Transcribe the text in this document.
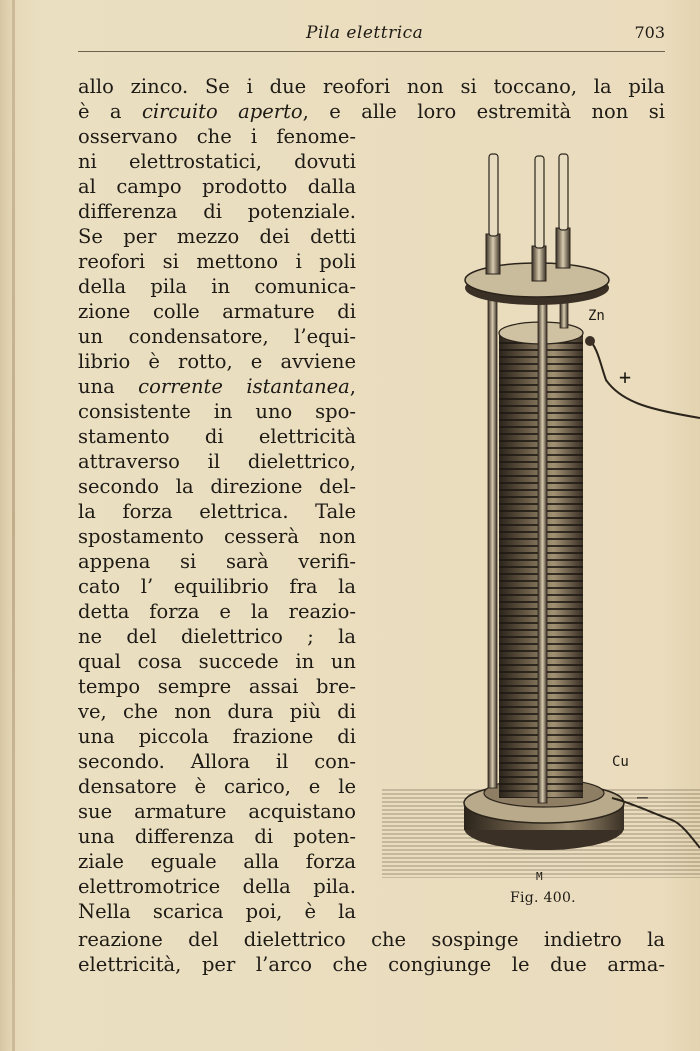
Pila elettrica	703
allo zinco. Se i due reofori non si toccano, la pila
è a circuito aperto, e alle loro estremità non si
osservano che i fenome-
ni elettrostatici, dovuti
al campo prodotto dalla
differenza di potenziale.
Se per mezzo dei detti
reofori si mettono i poli
della pila in comunica-
zione colle armature di
un condensatore, l’equi-
librio è rotto, e avviene
una corrente istantanea,
consistente in uno spo-
stamento di elettricità
attraverso il dielettrico,
secondo la direzione del-
la forza elettrica. Tale
spostamento cesserà non
appena si sarà verifi-
cato l’ equilibrio fra la
detta forza e la reazio-
ne del dielettrico ; la
qual cosa succede in un
tempo sempre assai bre-
ve, che non dura più di
una piccola frazione di
secondo. Allora il con-
densatore è carico, e le
sue armature acquistano
una differenza di poten-
ziale eguale alla forza
elettromotrice della pila.
Nella scarica poi, è la
reazione del dielettrico che sospinge indietro la
elettricità, per l’arco che congiunge le due arma-
Zn
+
Cu
—
M
Fig. 400.
